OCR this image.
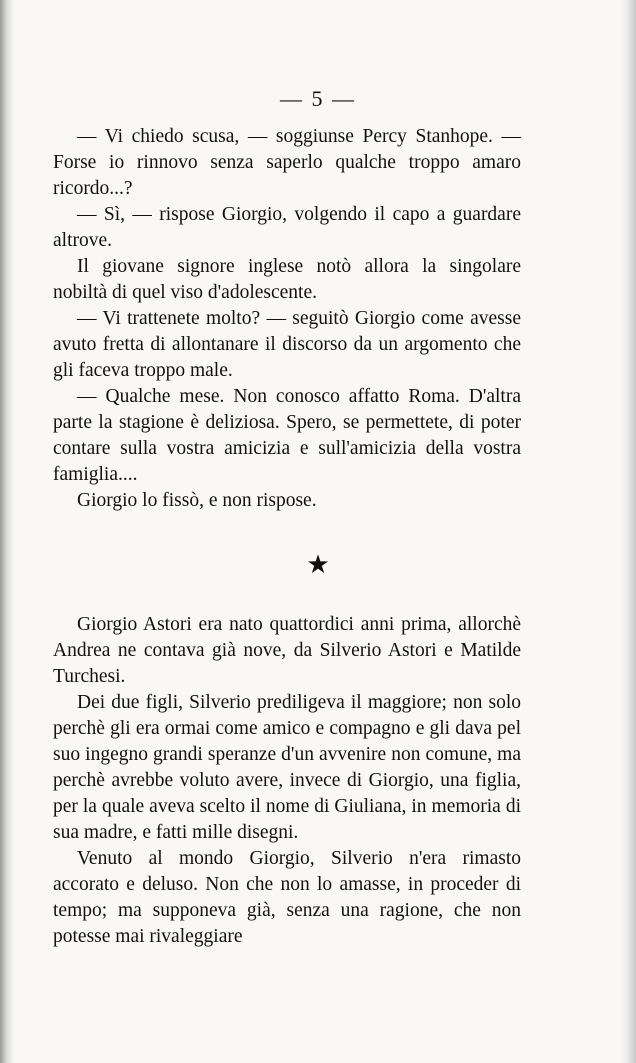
— 5 —

— Vi chiedo scusa, — soggiunse Percy Stanhope. — Forse io rinnovo senza saperlo qualche troppo amaro ricordo...?

— Sì, — rispose Giorgio, volgendo il capo a guardare altrove.

Il giovane signore inglese notò allora la singolare nobiltà di quel viso d'adolescente.

— Vi trattenete molto? — seguitò Giorgio come avesse avuto fretta di allontanare il discorso da un argomento che gli faceva troppo male.

— Qualche mese. Non conosco affatto Roma. D'altra parte la stagione è deliziosa. Spero, se permettete, di poter contare sulla vostra amicizia e sull'amicizia della vostra famiglia....

Giorgio lo fissò, e non rispose.

★

Giorgio Astori era nato quattordici anni prima, allorchè Andrea ne contava già nove, da Silverio Astori e Matilde Turchesi.

Dei due figli, Silverio prediligeva il maggiore; non solo perchè gli era ormai come amico e compagno e gli dava pel suo ingegno grandi speranze d'un avvenire non comune, ma perchè avrebbe voluto avere, invece di Giorgio, una figlia, per la quale aveva scelto il nome di Giuliana, in memoria di sua madre, e fatti mille disegni.

Venuto al mondo Giorgio, Silverio n'era rimasto accorato e deluso. Non che non lo amasse, in proceder di tempo; ma supponeva già, senza una ragione, che non potesse mai rivaleggiare
